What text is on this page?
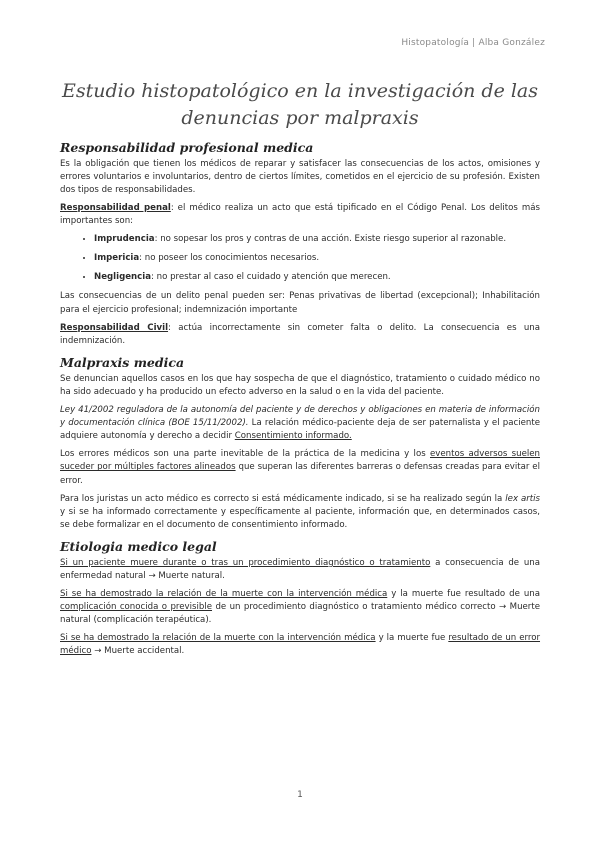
Histopatología | Alba González
Estudio histopatológico en la investigación de las denuncias por malpraxis
Responsabilidad profesional medica

Es la obligación que tienen los médicos de reparar y satisfacer las consecuencias de los actos, omisiones y errores voluntarios e involuntarios, dentro de ciertos límites, cometidos en el ejercicio de su profesión. Existen dos tipos de responsabilidades.

Responsabilidad penal: el médico realiza un acto que está tipificado en el Código Penal. Los delitos más importantes son:

• Imprudencia: no sopesar los pros y contras de una acción. Existe riesgo superior al razonable.
• Impericia: no poseer los conocimientos necesarios.
• Negligencia: no prestar al caso el cuidado y atención que merecen.

Las consecuencias de un delito penal pueden ser: Penas privativas de libertad (excepcional); Inhabilitación para el ejercicio profesional; indemnización importante

Responsabilidad Civil: actúa incorrectamente sin cometer falta o delito. La consecuencia es una indemnización.

Malpraxis medica

Se denuncian aquellos casos en los que hay sospecha de que el diagnóstico, tratamiento o cuidado médico no ha sido adecuado y ha producido un efecto adverso en la salud o en la vida del paciente.

Ley 41/2002 reguladora de la autonomía del paciente y de derechos y obligaciones en materia de información y documentación clínica (BOE 15/11/2002). La relación médico-paciente deja de ser paternalista y el paciente adquiere autonomía y derecho a decidir Consentimiento informado.

Los errores médicos son una parte inevitable de la práctica de la medicina y los eventos adversos suelen suceder por múltiples factores alineados que superan las diferentes barreras o defensas creadas para evitar el error.

Para los juristas un acto médico es correcto si está médicamente indicado, si se ha realizado según la lex artis y si se ha informado correctamente y específicamente al paciente, información que, en determinados casos, se debe formalizar en el documento de consentimiento informado.

Etiologia medico legal

Si un paciente muere durante o tras un procedimiento diagnóstico o tratamiento a consecuencia de una enfermedad natural → Muerte natural.

Si se ha demostrado la relación de la muerte con la intervención médica y la muerte fue resultado de una complicación conocida o previsible de un procedimiento diagnóstico o tratamiento médico correcto → Muerte natural (complicación terapéutica).

Si se ha demostrado la relación de la muerte con la intervención médica y la muerte fue resultado de un error médico → Muerte accidental.

1
